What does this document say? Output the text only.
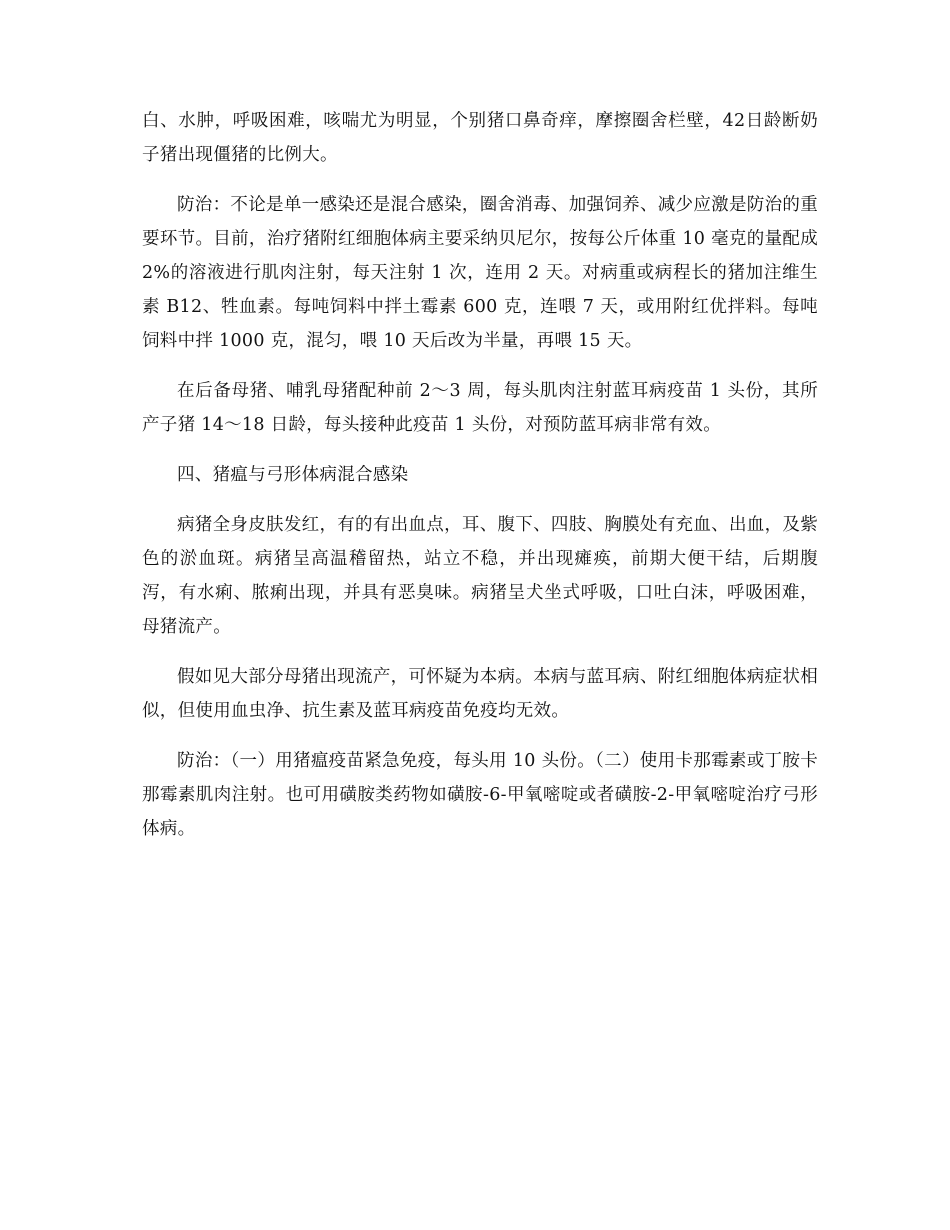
白、水肿，呼吸困难，咳喘尤为明显，个别猪口鼻奇痒，摩擦圈舍栏壁，42日龄断奶子猪出现僵猪的比例大。

防治：不论是单一感染还是混合感染，圈舍消毒、加强饲养、减少应激是防治的重要环节。目前，治疗猪附红细胞体病主要采纳贝尼尔，按每公斤体重 10 毫克的量配成 2%的溶液进行肌肉注射，每天注射 1 次，连用 2 天。对病重或病程长的猪加注维生素 B12、牲血素。每吨饲料中拌土霉素 600 克，连喂 7 天，或用附红优拌料。每吨饲料中拌 1000 克，混匀，喂 10 天后改为半量，再喂 15 天。

在后备母猪、哺乳母猪配种前 2～3 周，每头肌肉注射蓝耳病疫苗 1 头份，其所产子猪 14～18 日龄，每头接种此疫苗 1 头份，对预防蓝耳病非常有效。

四、猪瘟与弓形体病混合感染

病猪全身皮肤发红，有的有出血点，耳、腹下、四肢、胸膜处有充血、出血，及紫色的淤血斑。病猪呈高温稽留热，站立不稳，并出现瘫痪，前期大便干结，后期腹泻，有水痢、脓痢出现，并具有恶臭味。病猪呈犬坐式呼吸，口吐白沫，呼吸困难，母猪流产。

假如见大部分母猪出现流产，可怀疑为本病。本病与蓝耳病、附红细胞体病症状相似，但使用血虫净、抗生素及蓝耳病疫苗免疫均无效。

防治：（一）用猪瘟疫苗紧急免疫，每头用 10 头份。（二）使用卡那霉素或丁胺卡那霉素肌肉注射。也可用磺胺类药物如磺胺-6-甲氧嘧啶或者磺胺-2-甲氧嘧啶治疗弓形体病。
